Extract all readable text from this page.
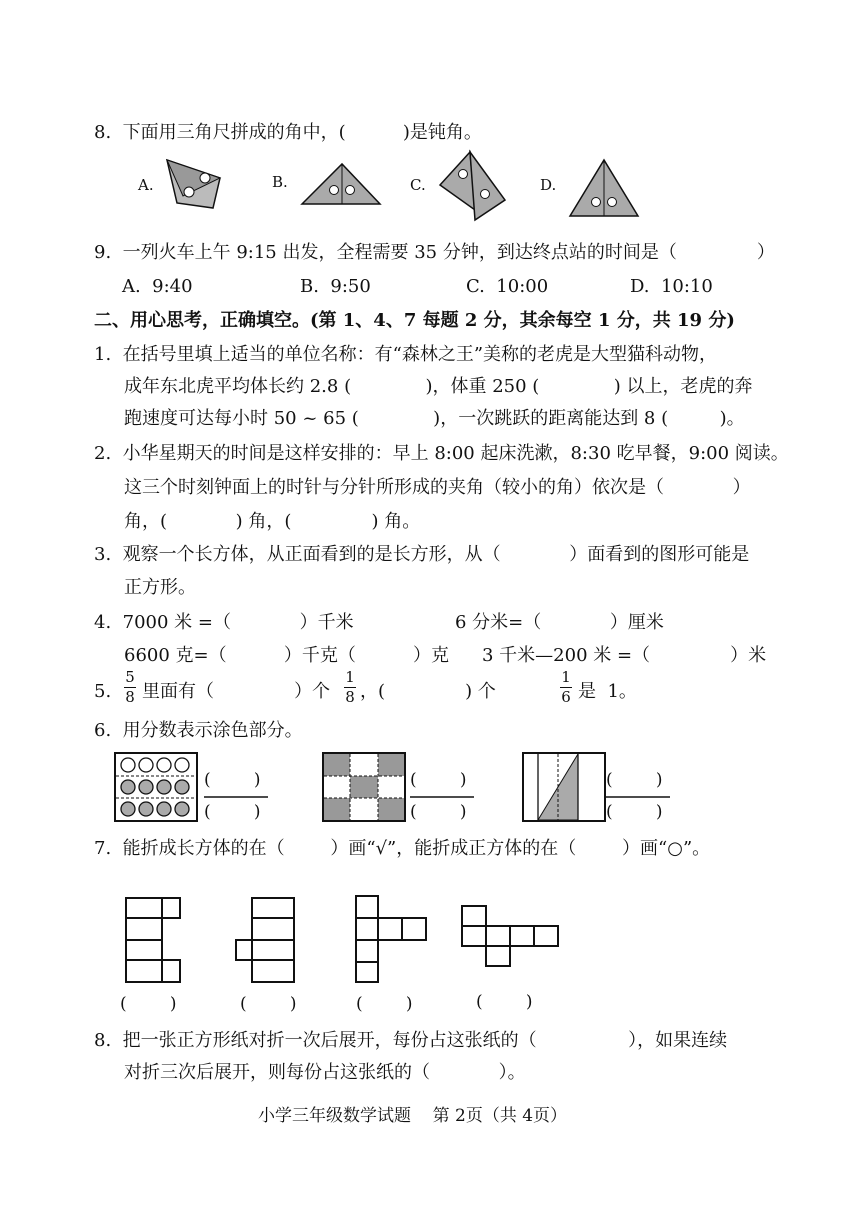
8.  下面用三角尺拼成的角中，(          )是钝角。
A.	B.	C.	D.
9.  一列火车上午 9:15 出发，全程需要 35 分钟，到达终点站的时间是（              ）
A.  9:40	B.  9:50	C.  10:00	D.  10:10
二、用心思考，正确填空。(第 1、4、7 每题 2 分，其余每空 1 分，共 19 分)
1.  在括号里填上适当的单位名称：有“森林之王”美称的老虎是大型猫科动物，
成年东北虎平均体长约 2.8 (             )，体重 250 (             ) 以上，老虎的奔
跑速度可达每小时 50 ~ 65 (             )，一次跳跃的距离能达到 8 (         )。
2.  小华星期天的时间是这样安排的：早上 8:00 起床洗漱，8:30 吃早餐，9:00 阅读。
这三个时刻钟面上的时针与分针所形成的夹角（较小的角）依次是（            ）
角，(            ) 角，(              ) 角。
3.  观察一个长方体，从正面看到的是长方形，从（            ）面看到的图形可能是
正方形。
4.  7000 米 =（            ）千米	6 分米=（            ）厘米
6600 克=（          ）千克（          ）克 3 千米—200 米 =（              ）米
5.
5
8 里面有（              ）个
1
8 ，(              ) 个
1
6 是  1。
6.  用分数表示涂色部分。
(        )
(        )
(        )
(        )
(        )
(        )
7.  能折成长方体的在（        ）画“√”，能折成正方体的在（        ）画“○”。
(        )	(        )	(        )	(        )
8.  把一张正方形纸对折一次后展开，每份占这张纸的（                ），如果连续
对折三次后展开，则每份占这张纸的（            ）。
小学三年级数学试题    第 2页（共 4页）
